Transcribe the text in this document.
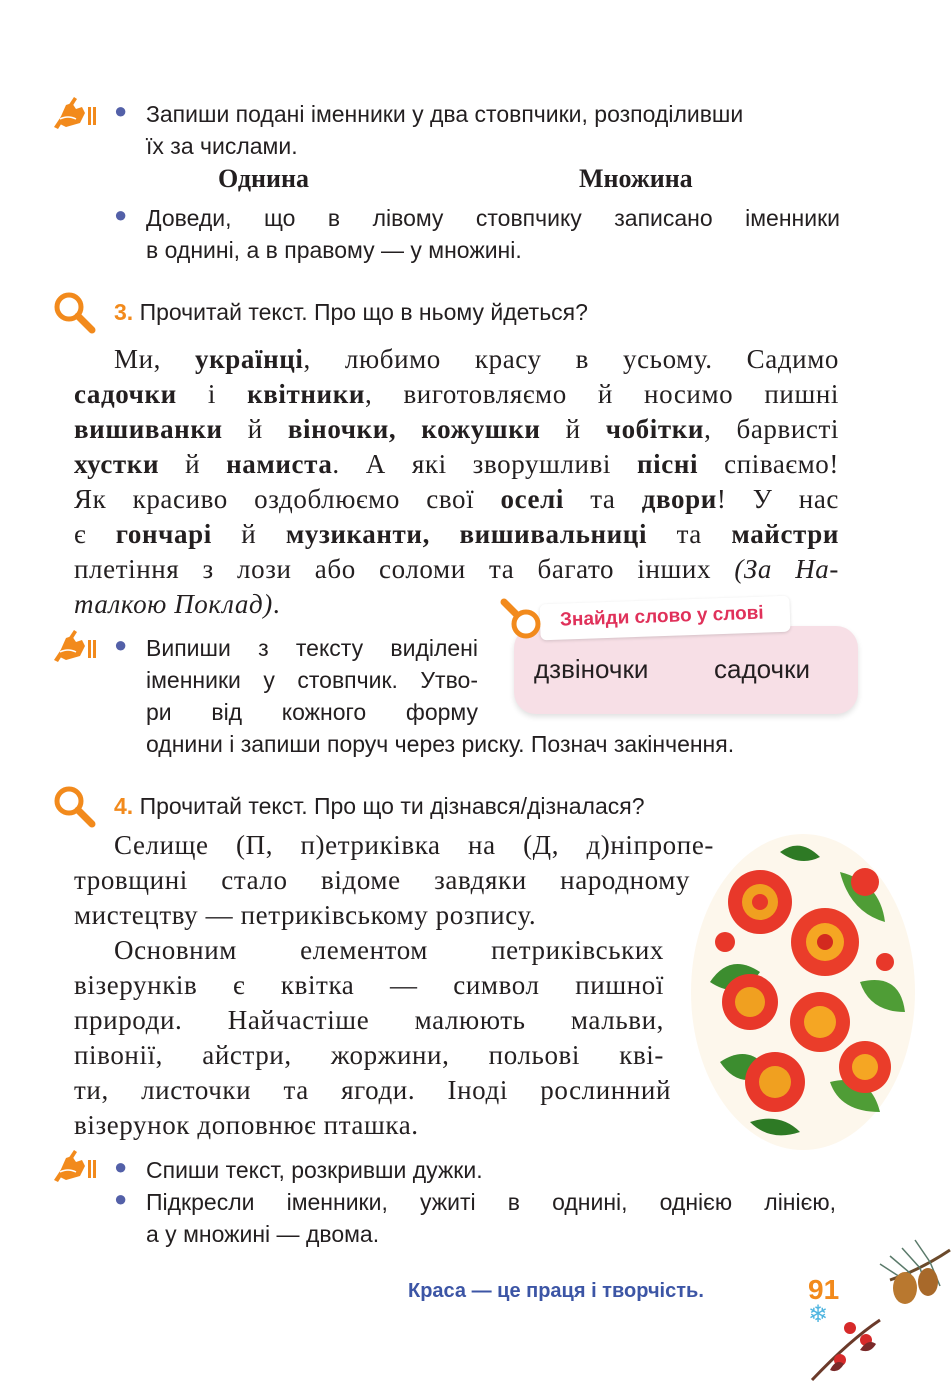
● Запиши подані іменники у два стовпчики, розподіливши
їх за числами.
Однина	Множина
● Доведи, що в лівому стовпчику записано іменники
в однині, а в правому — у множині.
3. Прочитай текст. Про що в ньому йдеться?
Ми, українці, любимо красу в усьому. Садимо
садочки і квітники, виготовляємо й носимо пишні
вишиванки й віночки, кожушки й чобітки, барвисті
хустки й намиста. А які зворушливі пісні співаємо!
Як красиво оздоблюємо свої оселі та двори! У нас
є гончарі й музиканти, вишивальниці та майстри
плетіння з лози або соломи та багато інших (За На-
талкою Поклад).
дзвіночки	садочки
Знайди слово у слові
● Випиши з тексту виділені
іменники у стовпчик. Утво-
ри від кожного форму
однини і запиши поруч через риску. Познач закінчення.
4. Прочитай текст. Про що ти дізнався/дізналася?
Селище (П, п)етриківка на (Д, д)ніпропе-
тровщині стало відоме завдяки народному
мистецтву — петриківському розпису.
Основним елементом петриківських
візерунків є квітка — символ пишної
природи. Найчастіше малюють мальви,
півонії, айстри, жоржини, польові кві-
ти, листочки та ягоди. Іноді рослинний
візерунок доповнює пташка.
● Спиши текст, розкривши дужки.
● Підкресли іменники, ужиті в однині, однією лінією,
а у множині — двома.
Краса — це праця і творчість.	91
❄
